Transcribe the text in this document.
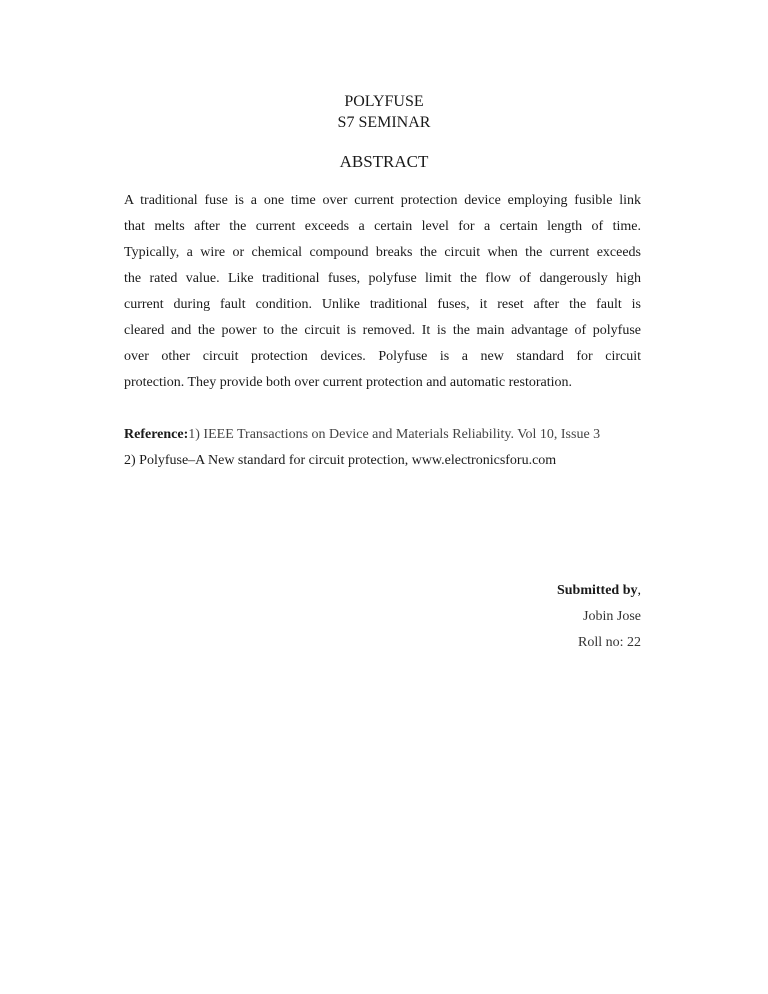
POLYFUSE
S7 SEMINAR
ABSTRACT
A traditional fuse is a one time over current protection device employing fusible link
that melts after the current exceeds a certain level for a certain length of time.
Typically, a wire or chemical compound breaks the circuit when the current exceeds
the rated value. Like traditional fuses, polyfuse limit the flow of dangerously high
current during fault condition. Unlike traditional fuses, it reset after the fault is
cleared and the power to the circuit is removed. It is the main advantage of polyfuse
over other circuit protection devices. Polyfuse is a new standard for circuit
protection. They provide both over current protection and automatic restoration.
Reference:1) IEEE Transactions on Device and Materials Reliability. Vol 10, Issue 3
2) Polyfuse–A New standard for circuit protection, www.electronicsforu.com
Submitted by,
Jobin Jose
Roll no: 22
